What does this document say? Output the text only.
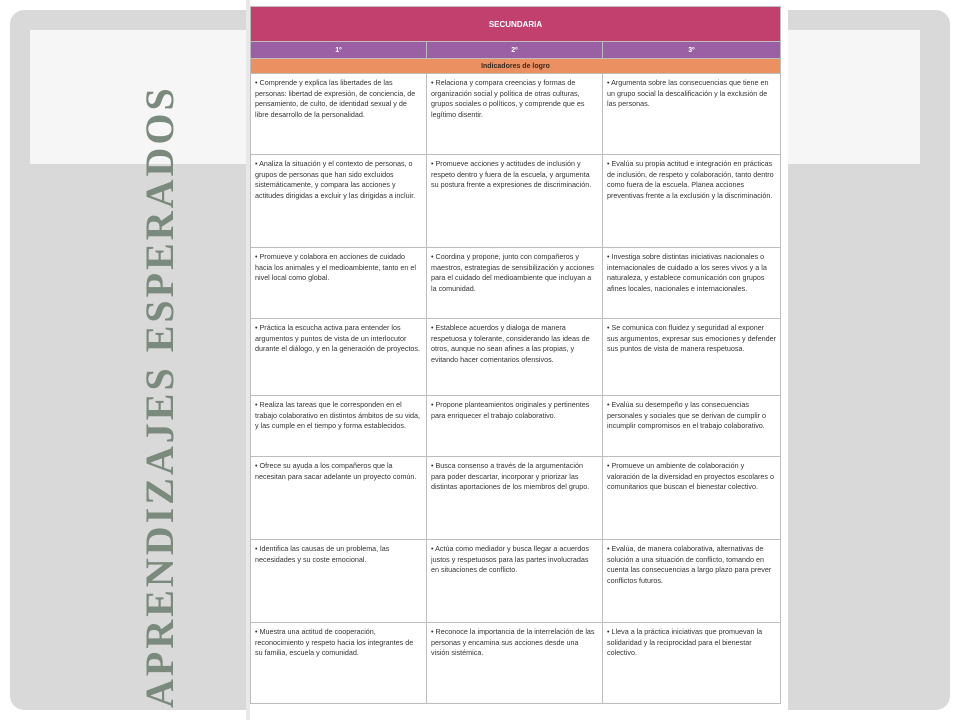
APRENDIZAJES ESPERADOS
SECUNDARIA		
1º	2º	3º
Indicadores de logro		
• Comprende y explica las libertades de las personas: libertad de expresión, de conciencia, de pensamiento, de culto, de identidad sexual y de libre desarrollo de la personalidad.	• Relaciona y compara creencias y formas de organización social y política de otras culturas, grupos sociales o políticos, y comprende que es legítimo disentir.	• Argumenta sobre las consecuencias que tiene en un grupo social la descalificación y la exclusión de las personas.
• Analiza la situación y el contexto de personas, o grupos de personas que han sido excluidos sistemáticamente, y compara las acciones y actitudes dirigidas a excluir y las dirigidas a incluir.	• Promueve acciones y actitudes de inclusión y respeto dentro y fuera de la escuela, y argumenta su postura frente a expresiones de discriminación.	• Evalúa su propia actitud e integración en prácticas de inclusión, de respeto y colaboración, tanto dentro como fuera de la escuela. Planea acciones preventivas frente a la exclusión y la discriminación.
• Promueve y colabora en acciones de cuidado hacia los animales y el medioambiente, tanto en el nivel local como global.	• Coordina y propone, junto con compañeros y maestros, estrategias de sensibilización y acciones para el cuidado del medioambiente que incluyan a la comunidad.	• Investiga sobre distintas iniciativas nacionales o internacionales de cuidado a los seres vivos y a la naturaleza, y establece comunicación con grupos afines locales, nacionales e internacionales.
• Práctica la escucha activa para entender los argumentos y puntos de vista de un interlocutor durante el diálogo, y en la generación de proyectos.	• Establece acuerdos y dialoga de manera respetuosa y tolerante, considerando las ideas de otros, aunque no sean afines a las propias, y evitando hacer comentarios ofensivos.	• Se comunica con fluidez y seguridad al exponer sus argumentos, expresar sus emociones y defender sus puntos de vista de manera respetuosa.
• Realiza las tareas que le corresponden en el trabajo colaborativo en distintos ámbitos de su vida, y las cumple en el tiempo y forma establecidos.	• Propone planteamientos originales y pertinentes para enriquecer el trabajo colaborativo.	• Evalúa su desempeño y las consecuencias personales y sociales que se derivan de cumplir o incumplir compromisos en el trabajo colaborativo.
• Ofrece su ayuda a los compañeros que la necesitan para sacar adelante un proyecto común.	• Busca consenso a través de la argumentación para poder descartar, incorporar y priorizar las distintas aportaciones de los miembros del grupo.	• Promueve un ambiente de colaboración y valoración de la diversidad en proyectos escolares o comunitarios que buscan el bienestar colectivo.
• Identifica las causas de un problema, las necesidades y su coste emocional.	• Actúa como mediador y busca llegar a acuerdos justos y respetuosos para las partes involucradas en situaciones de conflicto.	• Evalúa, de manera colaborativa, alternativas de solución a una situación de conflicto, tomando en cuenta las consecuencias a largo plazo para prever conflictos futuros.
• Muestra una actitud de cooperación, reconocimiento y respeto hacia los integrantes de su familia, escuela y comunidad.	• Reconoce la importancia de la interrelación de las personas y encamina sus acciones desde una visión sistémica.	• Lleva a la práctica iniciativas que promuevan la solidaridad y la reciprocidad para el bienestar colectivo.
